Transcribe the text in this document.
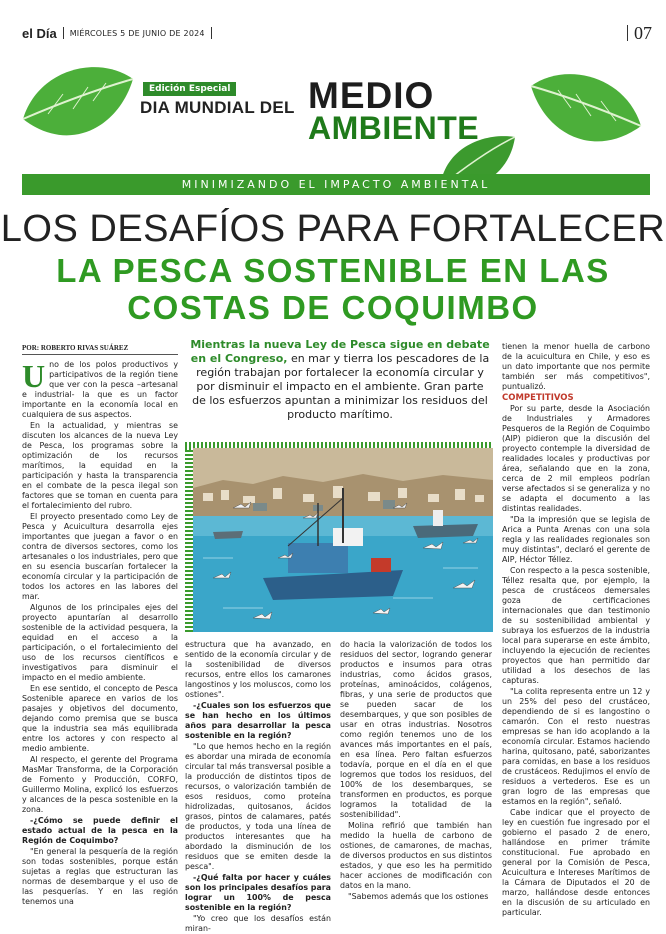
el Día MIÉRCOLES 5 DE JUNIO DE 2024	07
Edición Especial
DIA MUNDIAL DEL MEDIO
AMBIENTE
MINIMIZANDO EL IMPACTO AMBIENTAL
LOS DESAFÍOS PARA FORTALECER
LA PESCA SOSTENIBLE EN LAS
COSTAS DE COQUIMBO
POR: ROBERTO RIVAS SUÁREZ	Mientras la nueva Ley de Pesca sigue en debate en el Congreso, en mar y tierra los pescadores de la región trabajan por fortalecer la economía circular y por disminuir el impacto en el ambiente. Gran parte de los esfuerzos apuntan a minimizar los residuos del producto marítimo.
U no de los polos productivos y participativos de la región tiene que ver con la pesca –artesanal e industrial- la que es un factor importante en la economía local en cualquiera de sus aspectos.

En la actualidad, y mientras se discuten los alcances de la nueva Ley de Pesca, los programas sobre la optimización de los recursos marítimos, la equidad en la participación y hasta la transparencia en el combate de la pesca ilegal son factores que se toman en cuenta para el fortalecimiento del rubro.

El proyecto presentado como Ley de Pesca y Acuicultura desarrolla ejes importantes que juegan a favor o en contra de diversos sectores, como los artesanales o los industriales, pero que en su esencia buscarían fortalecer la economía circular y la participación de todos los actores en las labores del mar.

Algunos de los principales ejes del proyecto apuntarían al desarrollo sostenible de la actividad pesquera, la equidad en el acceso a la participación, o el fortalecimiento del uso de los recursos científicos e investigativos para disminuir el impacto en el medio ambiente.

En ese sentido, el concepto de Pesca Sostenible aparece en varios de los pasajes y objetivos del documento, dejando como premisa que se busca que la industria sea más equilibrada entre los actores y con respecto al medio ambiente.

Al respecto, el gerente del Programa MasMar Transforma, de la Corporación de Fomento y Producción, CORFO, Guillermo Molina, explicó los esfuerzos y alcances de la pesca sostenible en la zona.

-¿Cómo se puede definir el estado actual de la pesca en la Región de Coquimbo?

"En general la pesquería de la región son todas sostenibles, porque están sujetas a reglas que estructuran las normas de desembarque y el uso de las pesquerías. Y en las región tenemos una

estructura que ha avanzado, en sentido de la economía circular y de la sostenibilidad de diversos recursos, entre ellos los camarones langostinos y los moluscos, como los ostiones".

-¿Cuales son los esfuerzos que se han hecho en los últimos años para desarrollar la pesca sostenible en la región?

"Lo que hemos hecho en la región es abordar una mirada de economía circular tal más transversal posible a la producción de distintos tipos de recursos, o valorización también de esos residuos, como proteína hidrolizadas, quitosanos, ácidos grasos, pintos de calamares, patés de productos, y toda una línea de productos interesantes que ha abordado la disminución de los residuos que se emiten desde la pesca".

-¿Qué falta por hacer y cuáles son los principales desafíos para lograr un 100% de pesca sostenible en la región?

"Yo creo que los desafíos están miran-

do hacia la valorización de todos los residuos del sector, logrando generar productos e insumos para otras industrias, como ácidos grasos, proteínas, aminoácidos, colágenos, fibras, y una serie de productos que se pueden sacar de los desembarques, y que son posibles de usar en otras industrias. Nosotros como región tenemos uno de los avances más importantes en el país, en esa línea. Pero faltan esfuerzos todavía, porque en el día en el que logremos que todos los residuos, del 100% de los desembarques, se transformen en productos, es porque logramos la totalidad de la sostenibilidad".

Molina refirió que también han medido la huella de carbono de ostiones, de camarones, de machas, de diversos productos en sus distintos estados, y que eso les ha permitido hacer acciones de modificación con datos en la mano.

"Sabemos además que los ostiones

tienen la menor huella de carbono de la acuicultura en Chile, y eso es un dato importante que nos permite también ser más competitivos", puntualizó.

COMPETITIVOS

Por su parte, desde la Asociación de Industriales y Armadores Pesqueros de la Región de Coquimbo (AIP) pidieron que la discusión del proyecto contemple la diversidad de realidades locales y productivas por área, señalando que en la zona, cerca de 2 mil empleos podrían verse afectados si se generaliza y no se adapta el documento a las distintas realidades.

"Da la impresión que se legisla de Arica a Punta Arenas con una sola regla y las realidades regionales son muy distintas", declaró el gerente de AIP, Héctor Téllez.

Con respecto a la pesca sostenible, Téllez resalta que, por ejemplo, la pesca de crustáceos demersales goza de certificaciones internacionales que dan testimonio de su sostenibilidad ambiental y subraya los esfuerzos de la industria local para superarse en este ámbito, incluyendo la ejecución de recientes proyectos que han permitido dar utilidad a los desechos de las capturas.

"La colita representa entre un 12 y un 25% del peso del crustáceo, dependiendo de si es langostino o camarón. Con el resto nuestras empresas se han ido acoplando a la economía circular. Estamos haciendo harina, quitosano, paté, saborizantes para comidas, en base a los residuos de crustáceos. Redujimos el envío de residuos a vertederos. Ese es un gran logro de las empresas que estamos en la región", señaló.

Cabe indicar que el proyecto de ley en cuestión fue ingresado por el gobierno el pasado 2 de enero, hallándose en primer trámite constitucional. Fue aprobado en general por la Comisión de Pesca, Acuicultura e Intereses Marítimos de la Cámara de Diputados el 20 de marzo, hallándose desde entonces en la discusión de su articulado en particular.
